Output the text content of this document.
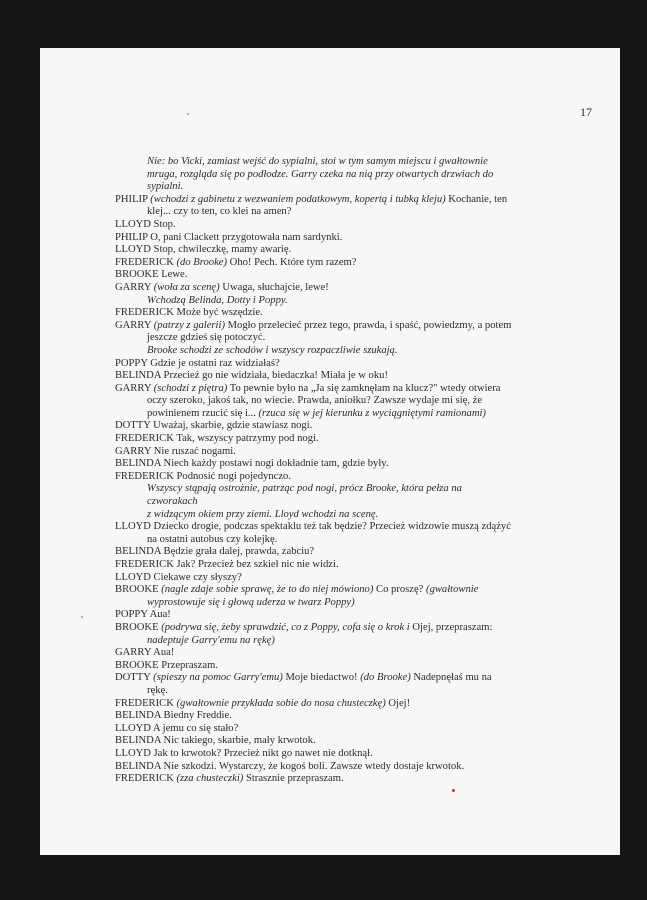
17
Nie: bo Vicki, zamiast wejść do sypialni, stoi w tym samym miejscu i gwałtownie
mruga, rozgląda się po podłodze. Garry czeka na nią przy otwartych drzwiach do
sypialni.
PHILIP (wchodzi z gabinetu z wezwaniem podatkowym, kopertą i tubką kleju) Kochanie, ten
klej... czy to ten, co klei na amen?
LLOYD Stop.
PHILIP O, pani Clackett przygotowała nam sardynki.
LLOYD Stop, chwileczkę, mamy awarię.
FREDERICK (do Brooke) Oho! Pech. Które tym razem?
BROOKE Lewe.
GARRY (woła za scenę) Uwaga, słuchajcie, lewe!
Wchodzą Belinda, Dotty i Poppy.
FREDERICK Może być wszędzie.
GARRY (patrzy z galerii) Mogło przelecieć przez tego, prawda, i spaść, powiedzmy, a potem
jeszcze gdzieś się potoczyć.
Brooke schodzi ze schodów i wszyscy rozpaczliwie szukają.
POPPY Gdzie je ostatni raz widziałaś?
BELINDA Przecież go nie widziała, biedaczka! Miała je w oku!
GARRY (schodzi z piętra) To pewnie było na „Ja się zamknęłam na klucz?" wtedy otwiera
oczy szeroko, jakoś tak, no wiecie. Prawda, aniołku? Zawsze wydaje mi się, że
powinienem rzucić się i... (rzuca się w jej kierunku z wyciągniętymi ramionami)
DOTTY Uważaj, skarbie, gdzie stawiasz nogi.
FREDERICK Tak, wszyscy patrzymy pod nogi.
GARRY Nie ruszać nogami.
BELINDA Niech każdy postawi nogi dokładnie tam, gdzie były.
FREDERICK Podnosić nogi pojedynczo.
Wszyscy stąpają ostrożnie, patrząc pod nogi, prócz Brooke, która pełza na czworakach
z widzącym okiem przy ziemi. Lloyd wchodzi na scenę.
LLOYD Dziecko drogie, podczas spektaklu też tak będzie? Przecież widzowie muszą zdążyć
na ostatni autobus czy kolejkę.
BELINDA Będzie grała dalej, prawda, zabciu?
FREDERICK Jak? Przecież bez szkieł nic nie widzi.
LLOYD Ciekawe czy słyszy?
BROOKE (nagle zdaje sobie sprawę, że to do niej mówiono) Co proszę? (gwałtownie
wyprostowuje się i głową uderza w twarz Poppy)
POPPY Aua!
BROOKE (podrywa się, żeby sprawdzić, co z Poppy, cofa się o krok i Ojej, przepraszam:
nadeptuje Garry'emu na rękę)
GARRY Aua!
BROOKE Przepraszam.
DOTTY (spieszy na pomoc Garry'emu) Moje biedactwo! (do Brooke) Nadepnęłaś mu na
rękę.
FREDERICK (gwałtownie przykłada sobie do nosa chusteczkę) Ojej!
BELINDA Biedny Freddie.
LLOYD A jemu co się stało?
BELINDA Nic takiego, skarbie, mały krwotok.
LLOYD Jak to krwotok? Przecież nikt go nawet nie dotknął.
BELINDA Nie szkodzi. Wystarczy, że kogoś boli. Zawsze wtedy dostaje krwotok.
FREDERICK (zza chusteczki) Strasznie przepraszam.
